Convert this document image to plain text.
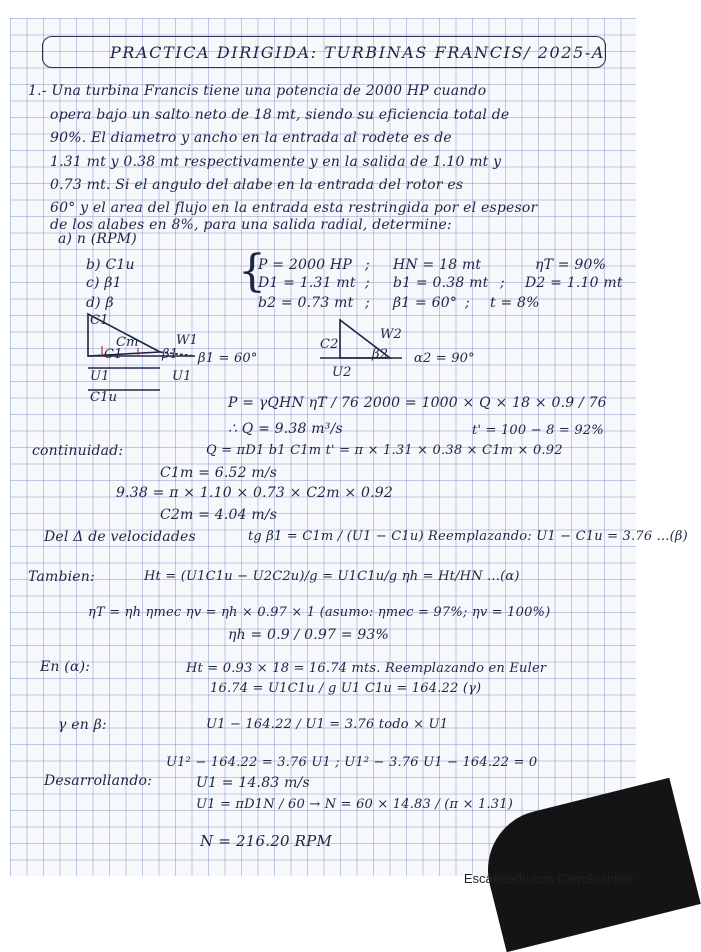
PRACTICA DIRIGIDA: TURBINAS FRANCIS/ 2025-A
1.- Una turbina Francis tiene una potencia de 2000 HP cuando
opera bajo un salto neto de 18 mt, siendo su eficiencia total de
90%. El diametro y ancho en la entrada al rodete es de
1.31 mt y 0.38 mt respectivamente y en la salida de 1.10 mt y
0.73 mt. Si el angulo del alabe en la entrada del rotor es
60° y el area del flujo en la entrada esta restringida por el espesor
de los alabes en 8%, para una salida radial, determine:
a) n (RPM)
b) C1u
c) β1
d) β
{
P = 2000 HP ; HN = 18 mt	ηT = 90%
D1 = 1.31 mt ; b1 = 0.38 mt ; D2 = 1.10 mt
b2 = 0.73 mt ; β1 = 60° ; t = 8%
C1
W1
Cm
C1	β1
U1	U1
C1u
β1 = 60°
C2
W2
β2
U2
α2 = 90°
P = γQHN ηT / 76 2000 = 1000 × Q × 18 × 0.9 / 76
∴ Q = 9.38 m³/s	t' = 100 − 8 = 92%
continuidad:	Q = πD1 b1 C1m t' = π × 1.31 × 0.38 × C1m × 0.92
C1m = 6.52 m/s
9.38 = π × 1.10 × 0.73 × C2m × 0.92
C2m = 4.04 m/s
Del Δ de velocidades	tg β1 = C1m / (U1 − C1u) Reemplazando: U1 − C1u = 3.76 ...(β)
Tambien:	Ht = (U1C1u − U2C2u)/g = U1C1u/g ηh = Ht/HN ...(α)
ηT = ηh ηmec ηv = ηh × 0.97 × 1 (asumo: ηmec = 97%; ηv = 100%)
ηh = 0.9 / 0.97 = 93%
En (α):	Ht = 0.93 × 18 = 16.74 mts. Reemplazando en Euler
16.74 = U1C1u / g U1 C1u = 164.22 (γ)
γ en β:	U1 − 164.22 / U1 = 3.76 todo × U1
U1² − 164.22 = 3.76 U1 ; U1² − 3.76 U1 − 164.22 = 0
Desarrollando:	U1 = 14.83 m/s
U1 = πD1N / 60 → N = 60 × 14.83 / (π × 1.31)
N = 216.20 RPM
Escaneado con CamScanner
